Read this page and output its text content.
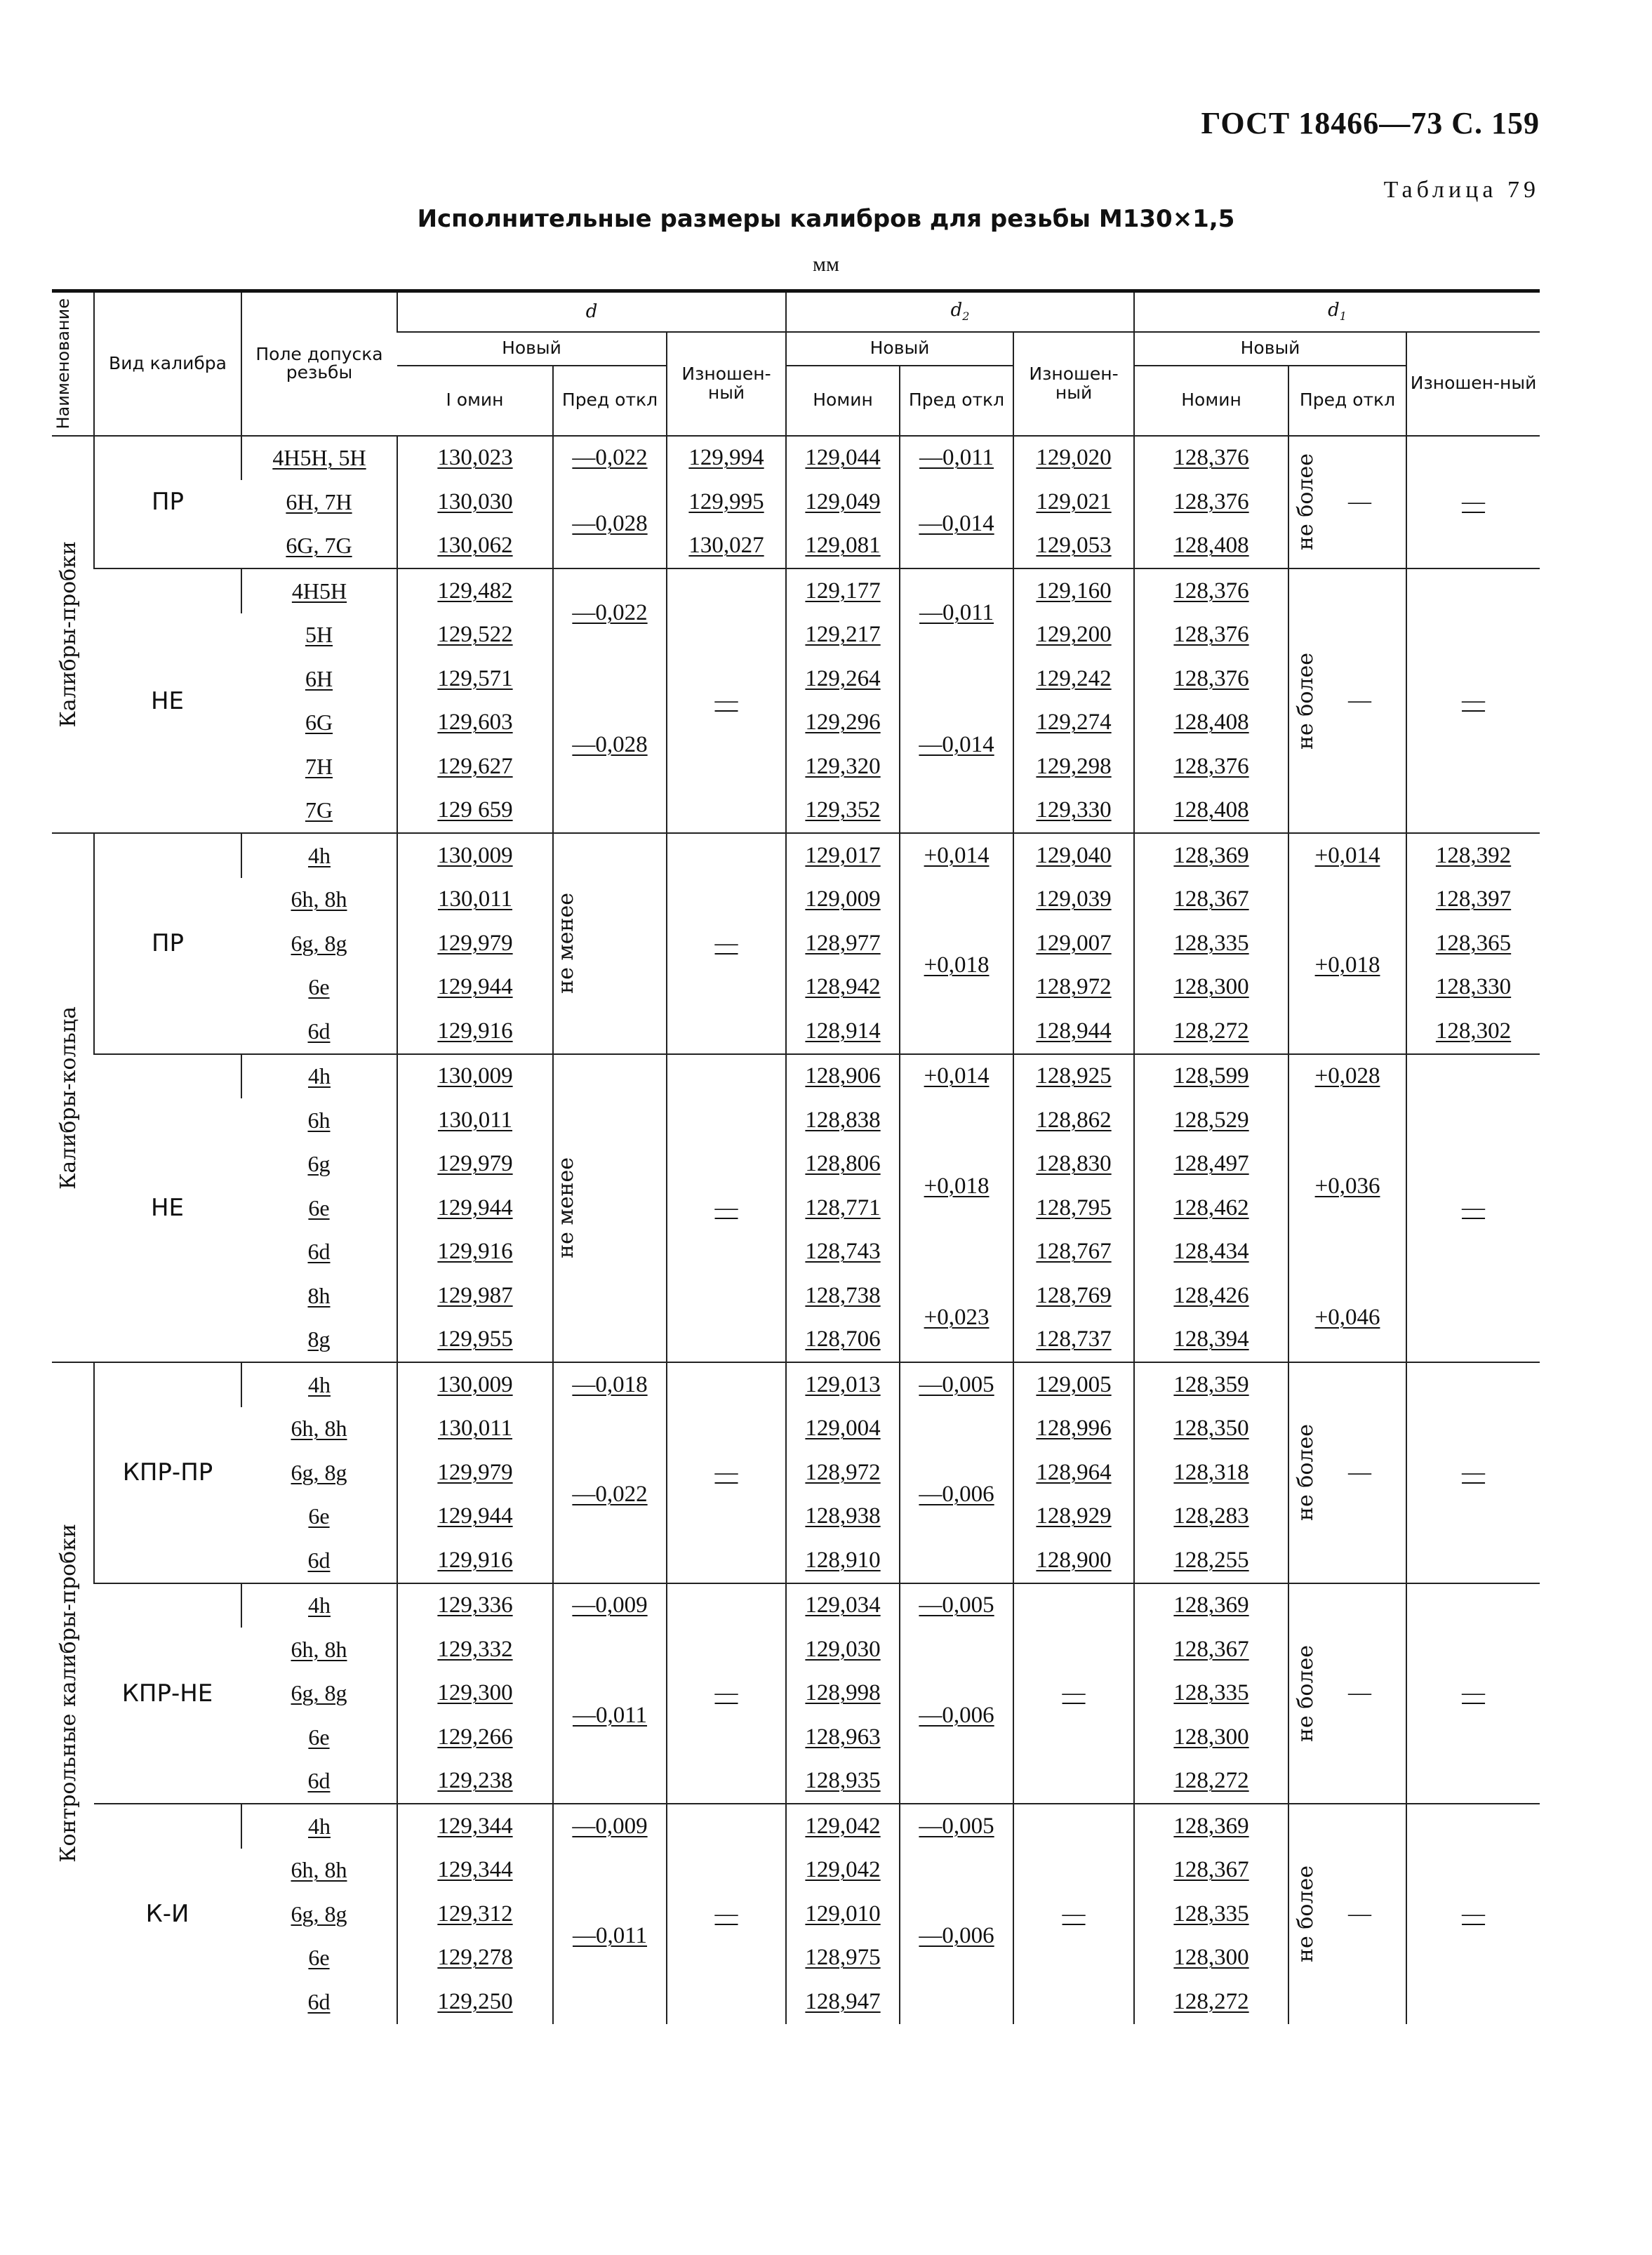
ГОСТ 18466—73 С. 159
Таблица 79
Исполнительные размеры калибров для резьбы M130×1,5
мм
Наименование	Вид калибра	Поле допуска резьбы	d			$d_2$			$d_1$
			Новый		Изношен-ный	Новый		Изношен-ный	Новый		Изношен-ный
			I омин	Пред откл		Номин	Пред откл		Номин	Пред откл	

Калибры-пробки	ПР	4H5H, 5H	130,023	—0,022	129,994	129,044	—0,011	129,020	128,376	не более —	—
		6H, 7H	130,030	—0,028	129,995	129,049	—0,014	129,021	128,376		
		6G, 7G	130,062		130,027	129,081		129,053	128,408		
	НЕ	4H5H	129,482	—0,022	—	129,177	—0,011	129,160	128,376	не более —	—
		5H	129,522			129,217		129,200	128,376		
		6H	129,571	—0,028		129,264	—0,014	129,242	128,376		
		6G	129,603			129,296		129,274	128,408		
		7H	129,627			129,320		129,298	128,376		
		7G	129 659			129,352		129,330	128,408		

Калибры-кольца	ПР	4h	130,009	не менее	—	129,017	+0,014	129,040	128,369	+0,014	128,392
		6h, 8h	130,011			129,009	+0,018	129,039	128,367	+0,018	128,397
		6g, 8g	129,979			128,977		129,007	128,335		128,365
		6e	129,944			128,942		128,972	128,300		128,330
		6d	129,916			128,914		128,944	128,272		128,302
	НЕ	4h	130,009	не менее	—	128,906	+0,014	128,925	128,599	+0,028	—
		6h	130,011			128,838	+0,018	128,862	128,529	+0,036	
		6g	129,979			128,806		128,830	128,497		
		6e	129,944			128,771		128,795	128,462		
		6d	129,916			128,743		128,767	128,434		
		8h	129,987			128,738	+0,023	128,769	128,426	+0,046	
		8g	129,955			128,706		128,737	128,394		

Контрольные калибры-пробки	КПР-ПР	4h	130,009	—0,018	—	129,013	—0,005	129,005	128,359	не более —	—
		6h, 8h	130,011	—0,022		129,004	—0,006	128,996	128,350		
		6g, 8g	129,979			128,972		128,964	128,318		
		6e	129,944			128,938		128,929	128,283		
		6d	129,916			128,910		128,900	128,255		
	КПР-НЕ	4h	129,336	—0,009	—	129,034	—0,005	—	128,369	не более —	—
		6h, 8h	129,332	—0,011		129,030	—0,006		128,367		
		6g, 8g	129,300			128,998			128,335		
		6e	129,266			128,963			128,300		
		6d	129,238			128,935			128,272		
	К-И	4h	129,344	—0,009	—	129,042	—0,005	—	128,369	не более —	—
		6h, 8h	129,344	—0,011		129,042	—0,006		128,367		
		6g, 8g	129,312			129,010			128,335		
		6e	129,278			128,975			128,300		
		6d	129,250			128,947			128,272		
